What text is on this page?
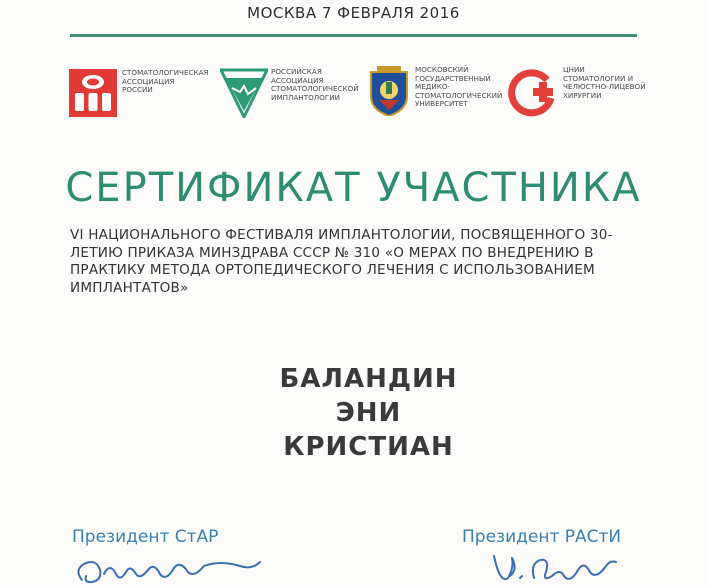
МОСКВА 7 ФЕВРАЛЯ 2016
СТОМАТОЛОГИЧЕСКАЯ
АССОЦИАЦИЯ
РОССИИ
РОССИЙСКАЯ
АССОЦИАЦИЯ
СТОМАТОЛОГИЧЕСКОЙ
ИМПЛАНТОЛОГИИ
МОСКОВСКИЙ
ГОСУДАРСТВЕННЫЙ
МЕДИКО-
СТОМАТОЛОГИЧЕСКИЙ
УНИВЕРСИТЕТ
ЦНИИ
СТОМАТОЛОГИИ И
ЧЕЛЮСТНО-ЛИЦЕВОЙ
ХИРУРГИИ
СЕРТИФИКАТ УЧАСТНИКА
VI НАЦИОНАЛЬНОГО ФЕСТИВАЛЯ ИМПЛАНТОЛОГИИ, ПОСВЯЩЕННОГО 30-ЛЕТИЮ ПРИКАЗА МИНЗДРАВА СССР № 310 «О МЕРАХ ПО ВНЕДРЕНИЮ В ПРАКТИКУ МЕТОДА ОРТОПЕДИЧЕСКОГО ЛЕЧЕНИЯ С ИСПОЛЬЗОВАНИЕМ ИМПЛАНТАТОВ»
БАЛАНДИН
ЭНИ
КРИСТИАН
Президент СтАР	Президент РАСтИ
